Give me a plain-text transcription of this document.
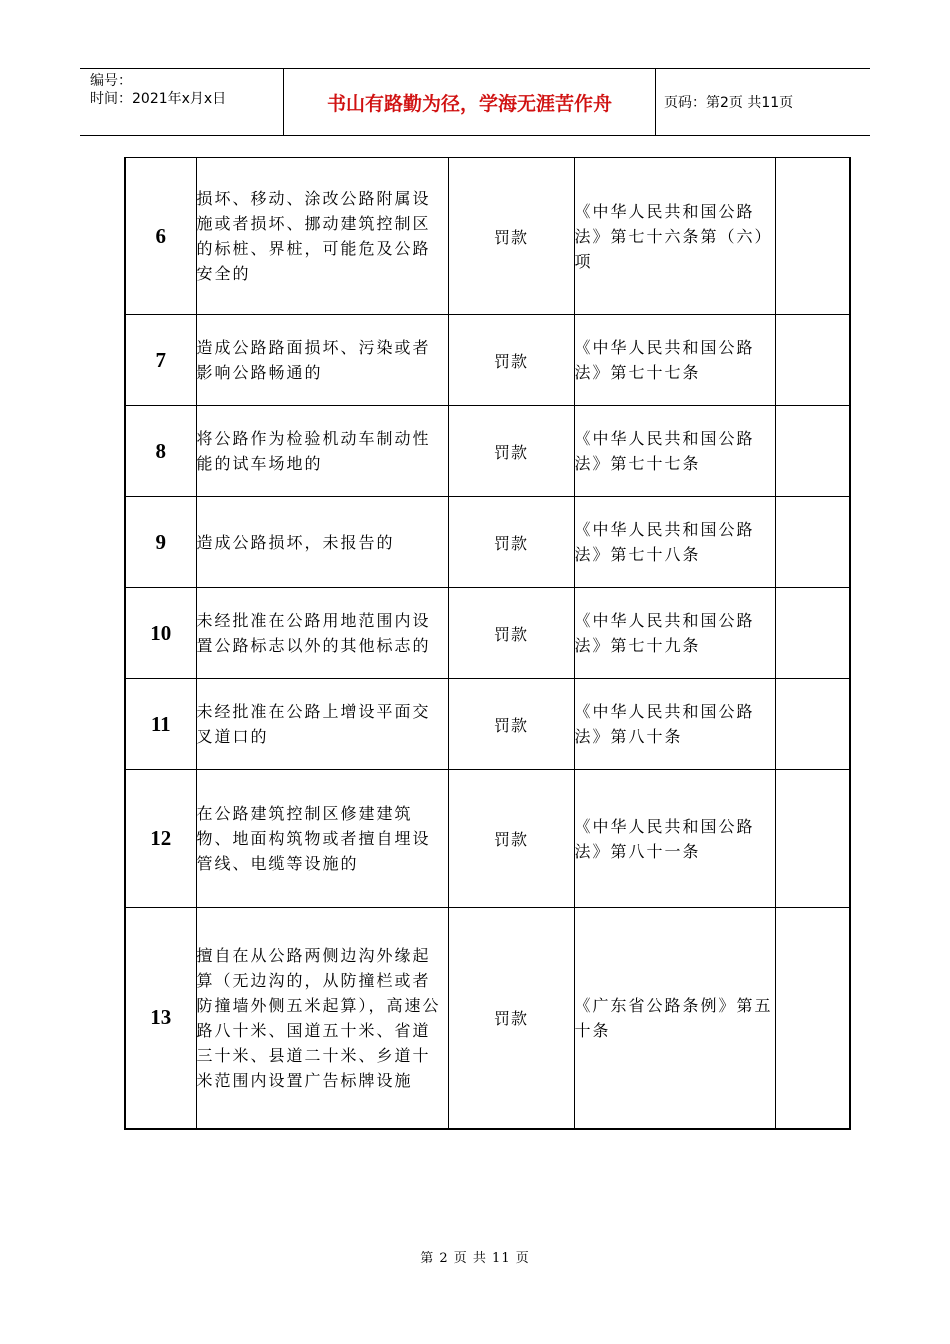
编号：
时间：2021年x月x日	书山有路勤为径，学海无涯苦作舟	页码：第2页 共11页
6	损坏、移动、涂改公路附属设施或者损坏、挪动建筑控制区的标桩、界桩，可能危及公路安全的	罚款	《中华人民共和国公路法》第七十六条第（六）项	
7	造成公路路面损坏、污染或者影响公路畅通的	罚款	《中华人民共和国公路法》第七十七条	
8	将公路作为检验机动车制动性能的试车场地的	罚款	《中华人民共和国公路法》第七十七条	
9	造成公路损坏，未报告的	罚款	《中华人民共和国公路法》第七十八条	
10	未经批准在公路用地范围内设置公路标志以外的其他标志的	罚款	《中华人民共和国公路法》第七十九条	
11	未经批准在公路上增设平面交叉道口的	罚款	《中华人民共和国公路法》第八十条	
12	在公路建筑控制区修建建筑物、地面构筑物或者擅自埋设管线、电缆等设施的	罚款	《中华人民共和国公路法》第八十一条	
13	擅自在从公路两侧边沟外缘起算（无边沟的，从防撞栏或者防撞墙外侧五米起算），高速公路八十米、国道五十米、省道三十米、县道二十米、乡道十米范围内设置广告标牌设施	罚款	《广东省公路条例》第五十条	
第 2 页 共 11 页
